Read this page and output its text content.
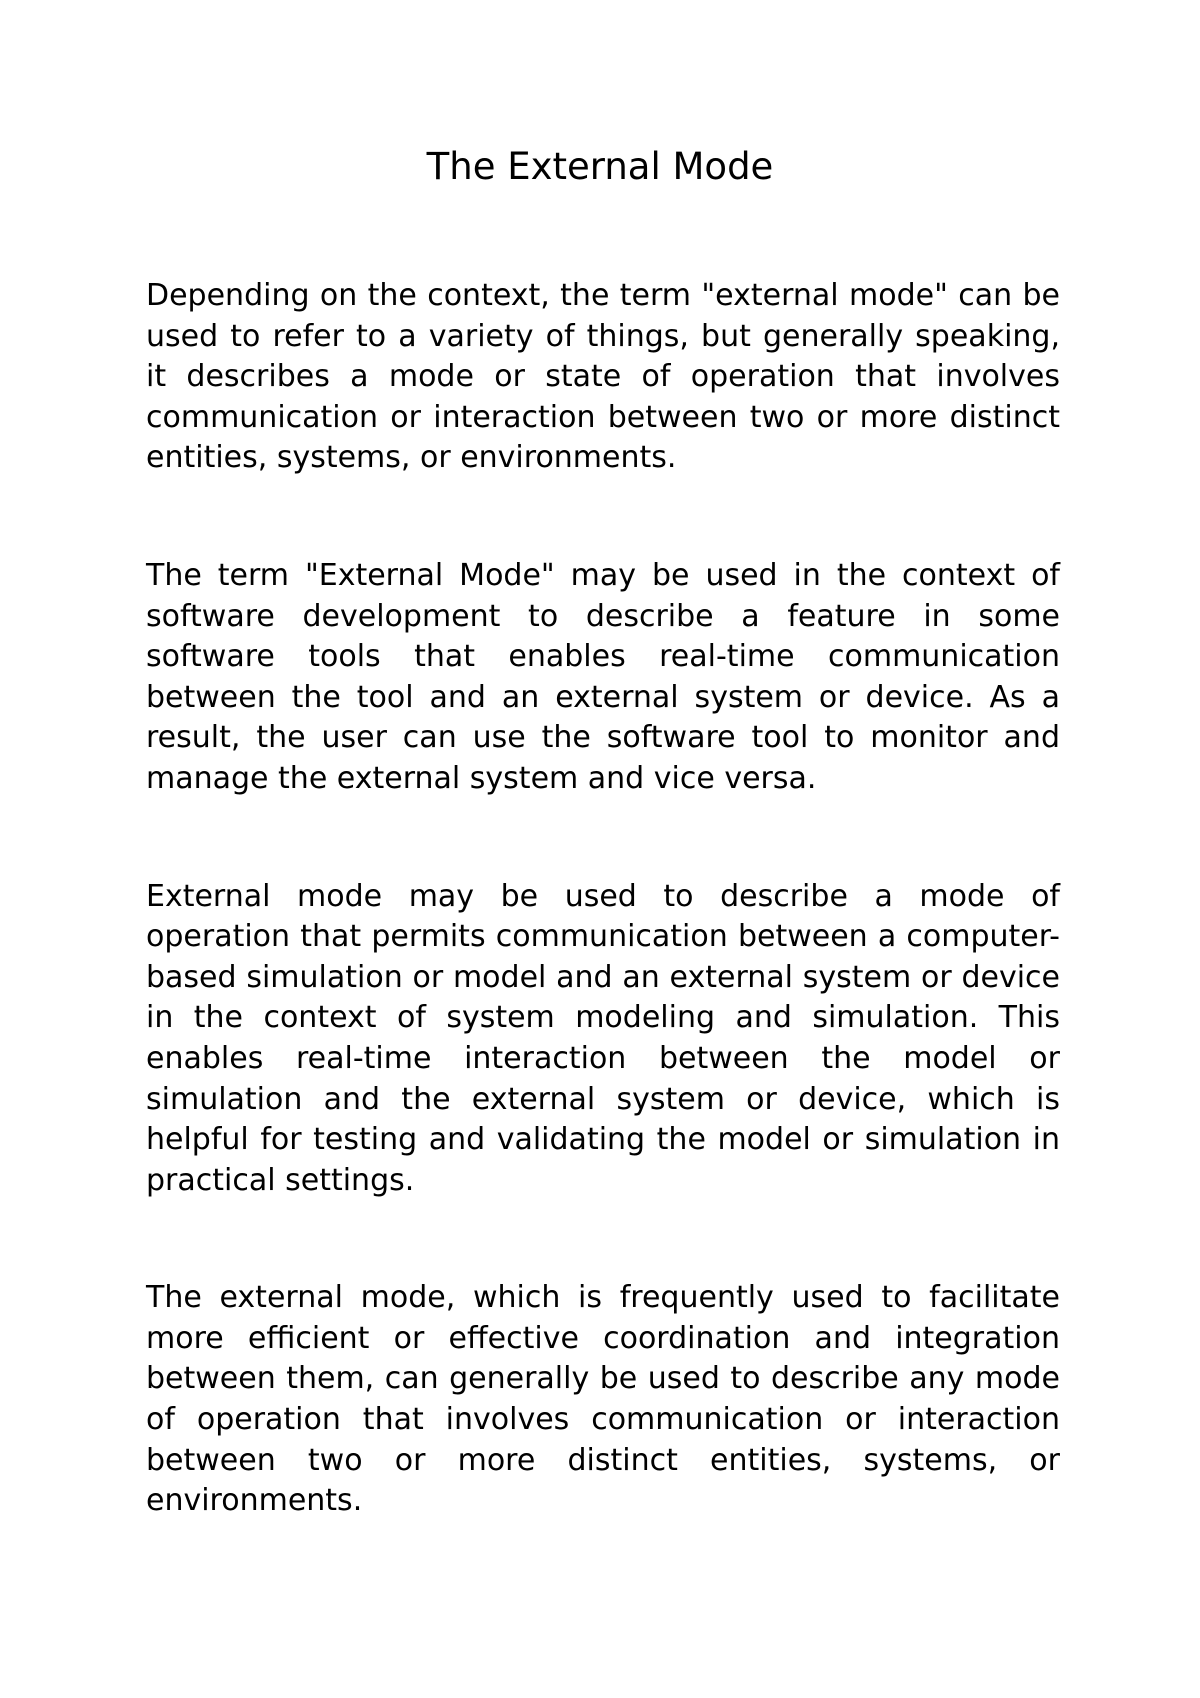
The External Mode

Depending on the context, the term "external mode" can be used to refer to a variety of things, but generally speaking, it describes a mode or state of operation that involves communication or interaction between two or more distinct entities, systems, or environments.

The term "External Mode" may be used in the context of software development to describe a feature in some software tools that enables real-time communication between the tool and an external system or device. As a result, the user can use the software tool to monitor and manage the external system and vice versa.

External mode may be used to describe a mode of operation that permits communication between a computer-based simulation or model and an external system or device in the context of system modeling and simulation. This enables real-time interaction between the model or simulation and the external system or device, which is helpful for testing and validating the model or simulation in practical settings.

The external mode, which is frequently used to facilitate more efficient or effective coordination and integration between them, can generally be used to describe any mode of operation that involves communication or interaction between two or more distinct entities, systems, or environments.
